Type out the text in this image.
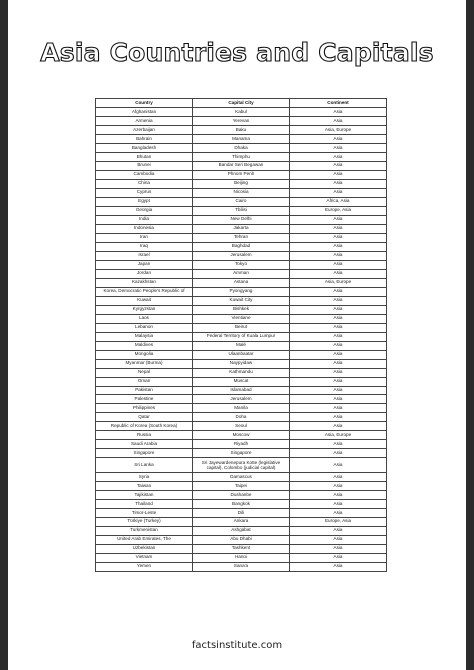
Asia Countries and Capitals
Country	Capital City	Continent
Afghanistan	Kabul	Asia
Armenia	Yerevan	Asia
Azerbaijan	Baku	Asia, Europe
Bahrain	Manama	Asia
Bangladesh	Dhaka	Asia
Bhutan	Thimphu	Asia
Brunei	Bandar Seri Begawan	Asia
Cambodia	Phnom Penh	Asia
China	Beijing	Asia
Cyprus	Nicosia	Asia
Egypt	Cairo	Africa, Asia
Georgia	Tbilisi	Europe, Asia
India	New Delhi	Asia
Indonesia	Jakarta	Asia
Iran	Tehran	Asia
Iraq	Baghdad	Asia
Israel	Jerusalem	Asia
Japan	Tokyo	Asia
Jordan	Amman	Asia
Kazakhstan	Astana	Asia, Europe
Korea, Democratic People's Republic of	Pyongyang	Asia
Kuwait	Kuwait City	Asia
Kyrgyzstan	Bishkek	Asia
Laos	Vientiane	Asia
Lebanon	Beirut	Asia
Malaysia	Federal Territory of Kuala Lumpur	Asia
Maldives	Malé	Asia
Mongolia	Ulaanbaatar	Asia
Myanmar (Burma)	Naypyidaw	Asia
Nepal	Kathmandu	Asia
Oman	Muscat	Asia
Pakistan	Islamabad	Asia
Palestine	Jerusalem	Asia
Philippines	Manila	Asia
Qatar	Doha	Asia
Republic of Korea (South Korea)	Seoul	Asia
Russia	Moscow	Asia, Europe
Saudi Arabia	Riyadh	Asia
Singapore	Singapore	Asia
Sri Lanka	Sri Jayewardenepura Kotte (legislative capital), Colombo (judicial capital)	Asia
Syria	Damascus	Asia
Taiwan	Taipei	Asia
Tajikistan	Dushanbe	Asia
Thailand	Bangkok	Asia
Timor-Leste	Dili	Asia
Türkiye (Turkey)	Ankara	Europe, Asia
Turkmenistan	Ashgabat	Asia
United Arab Emirates, The	Abu Dhabi	Asia
Uzbekistan	Tashkent	Asia
Vietnam	Hanoi	Asia
Yemen	Sana'a	Asia
factsinstitute.com
